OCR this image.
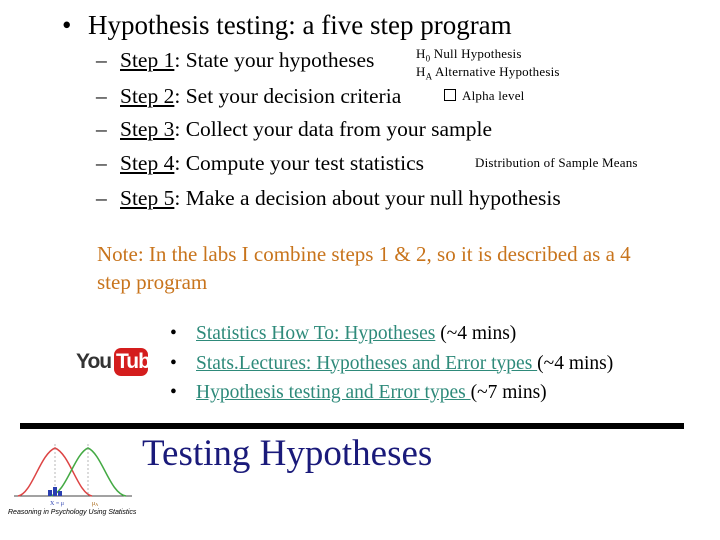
• Hypothesis testing: a five step program
– Step 1: State your hypotheses
– Step 2: Set your decision criteria
– Step 3: Collect your data from your sample
– Step 4: Compute your test statistics
– Step 5: Make a decision about your null hypothesis
$H_0$ Null Hypothesis
$H_A$ Alternative Hypothesis
Alpha level
Distribution of Sample Means
Note: In the labs I combine steps 1 & 2, so it is described as a 4 step program
You Tube
• Statistics How To: Hypotheses (~4 mins)
• Stats.Lectures: Hypotheses and Error types (~4 mins)
• Hypothesis testing and Error types (~7 mins)
X = μ	μA
Testing Hypotheses
Reasoning in Psychology Using Statistics
